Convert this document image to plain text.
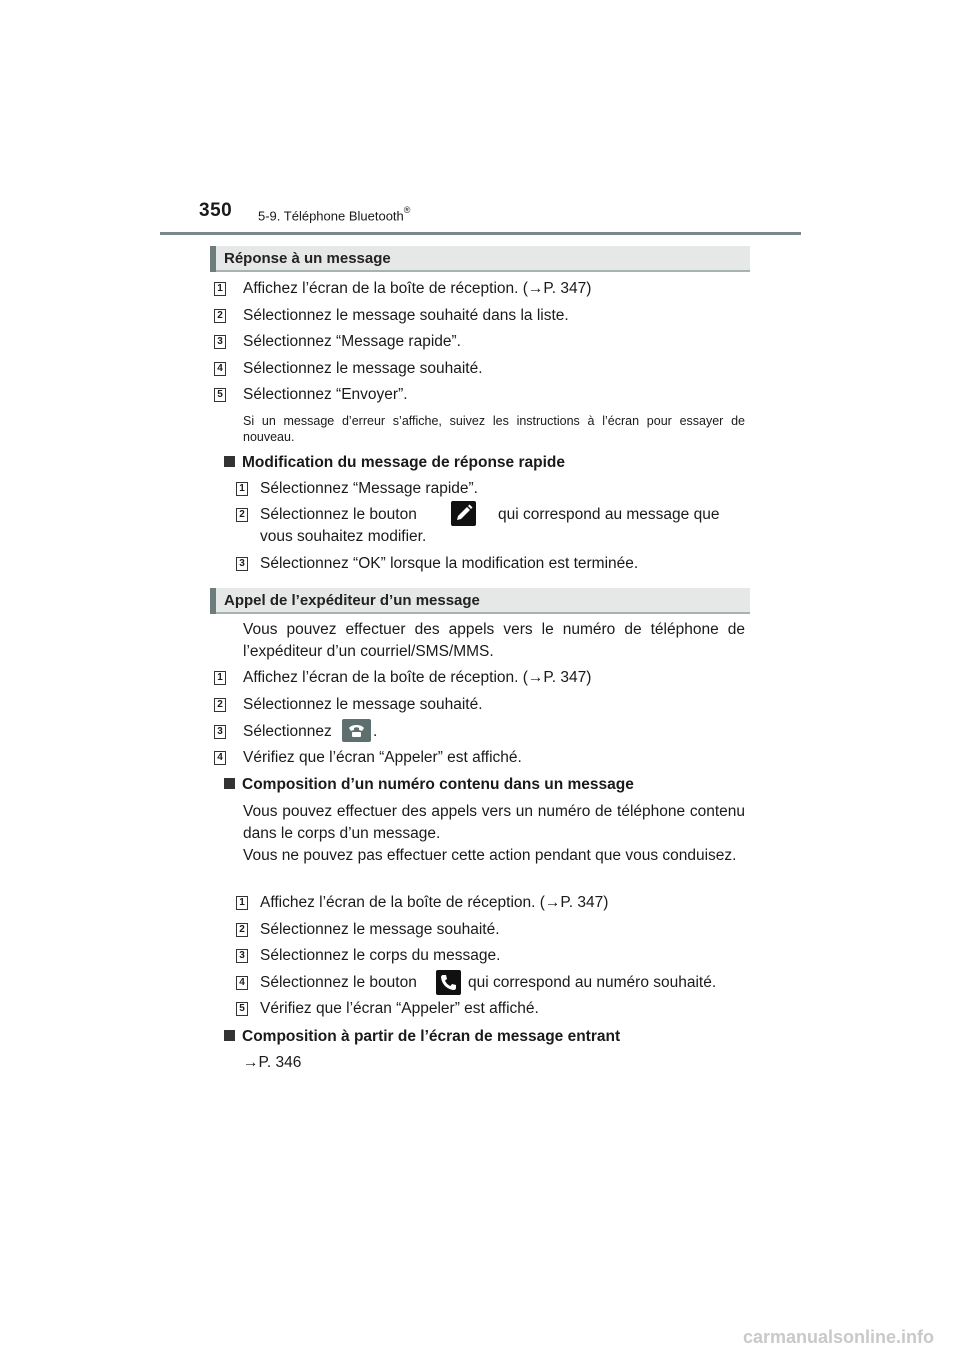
350 5-9. Téléphone Bluetooth®
Réponse à un message
1 Affichez l’écran de la boîte de réception. (→P. 347)
2 Sélectionnez le message souhaité dans la liste.
3 Sélectionnez “Message rapide”.
4 Sélectionnez le message souhaité.
5 Sélectionnez “Envoyer”.
Si un message d’erreur s’affiche, suivez les instructions à l’écran pour essayer de nouveau.
Modification du message de réponse rapide
1 Sélectionnez “Message rapide”.
2 Sélectionnez le bouton	qui correspond au message que
vous souhaitez modifier.
3 Sélectionnez “OK” lorsque la modification est terminée.
Appel de l’expéditeur d’un message
Vous pouvez effectuer des appels vers le numéro de téléphone de l’expéditeur d’un courriel/SMS/MMS.
1 Affichez l’écran de la boîte de réception. (→P. 347)
2 Sélectionnez le message souhaité.
3 Sélectionnez	.
4 Vérifiez que l’écran “Appeler” est affiché.
Composition d’un numéro contenu dans un message
Vous pouvez effectuer des appels vers un numéro de téléphone contenu dans le corps d’un message.
Vous ne pouvez pas effectuer cette action pendant que vous conduisez.
1 Affichez l’écran de la boîte de réception. (→P. 347)
2 Sélectionnez le message souhaité.
3 Sélectionnez le corps du message.
4 Sélectionnez le bouton	qui correspond au numéro souhaité.
5 Vérifiez que l’écran “Appeler” est affiché.
Composition à partir de l’écran de message entrant
→P. 346
carmanualsonline.info
